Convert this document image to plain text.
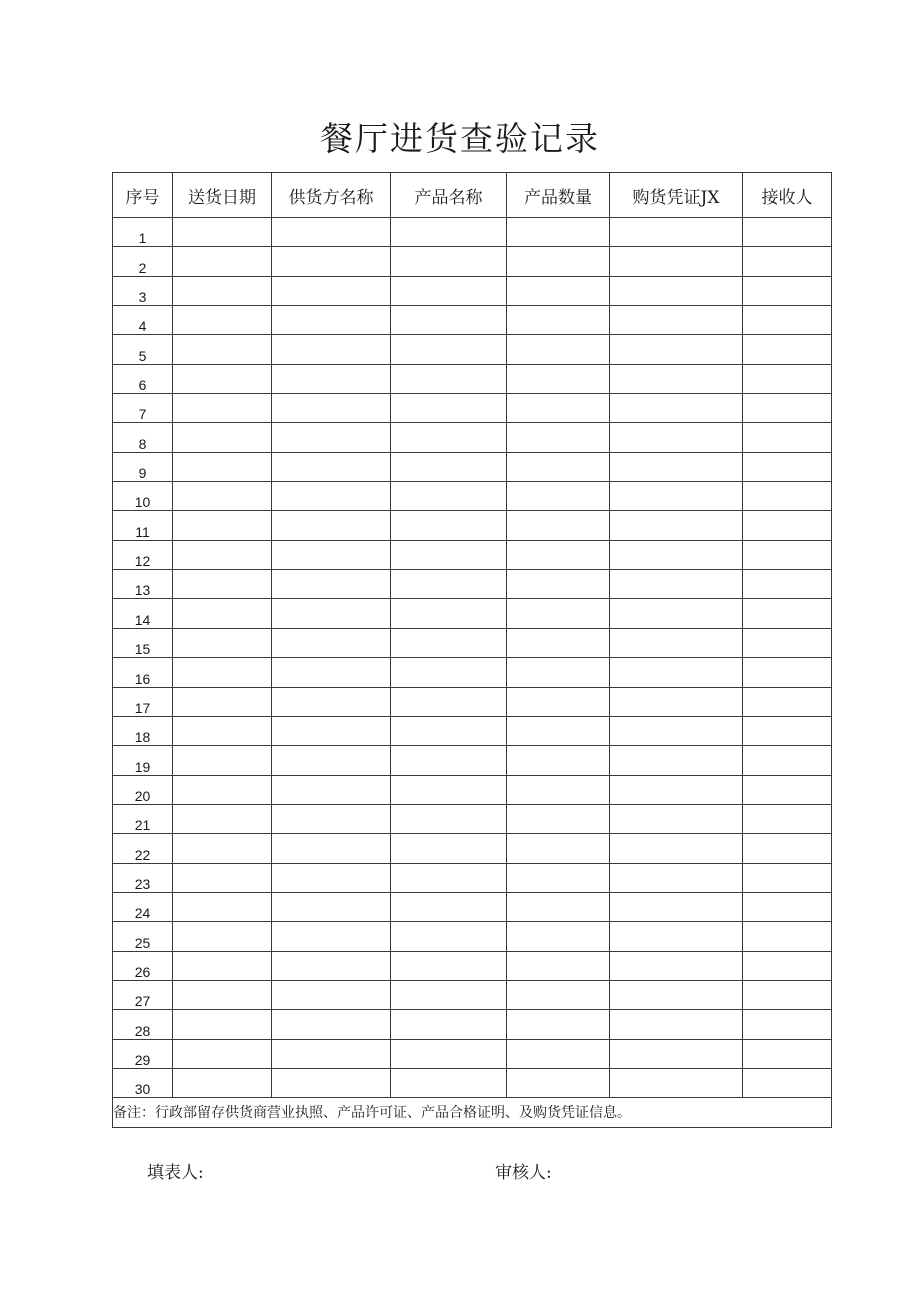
餐厅进货查验记录
序号	送货日期	供货方名称	产品名称	产品数量	购货凭证JX	接收人
1						
2						
3						
4						
5						
6						
7						
8						
9						
10						
11						
12						
13						
14						
15						
16						
17						
18						
19						
20						
21						
22						
23						
24						
25						
26						
27						
28						
29						
30						
备注：行政部留存供货商营业执照、产品许可证、产品合格证明、及购货凭证信息。						
填表人:	审核人:
